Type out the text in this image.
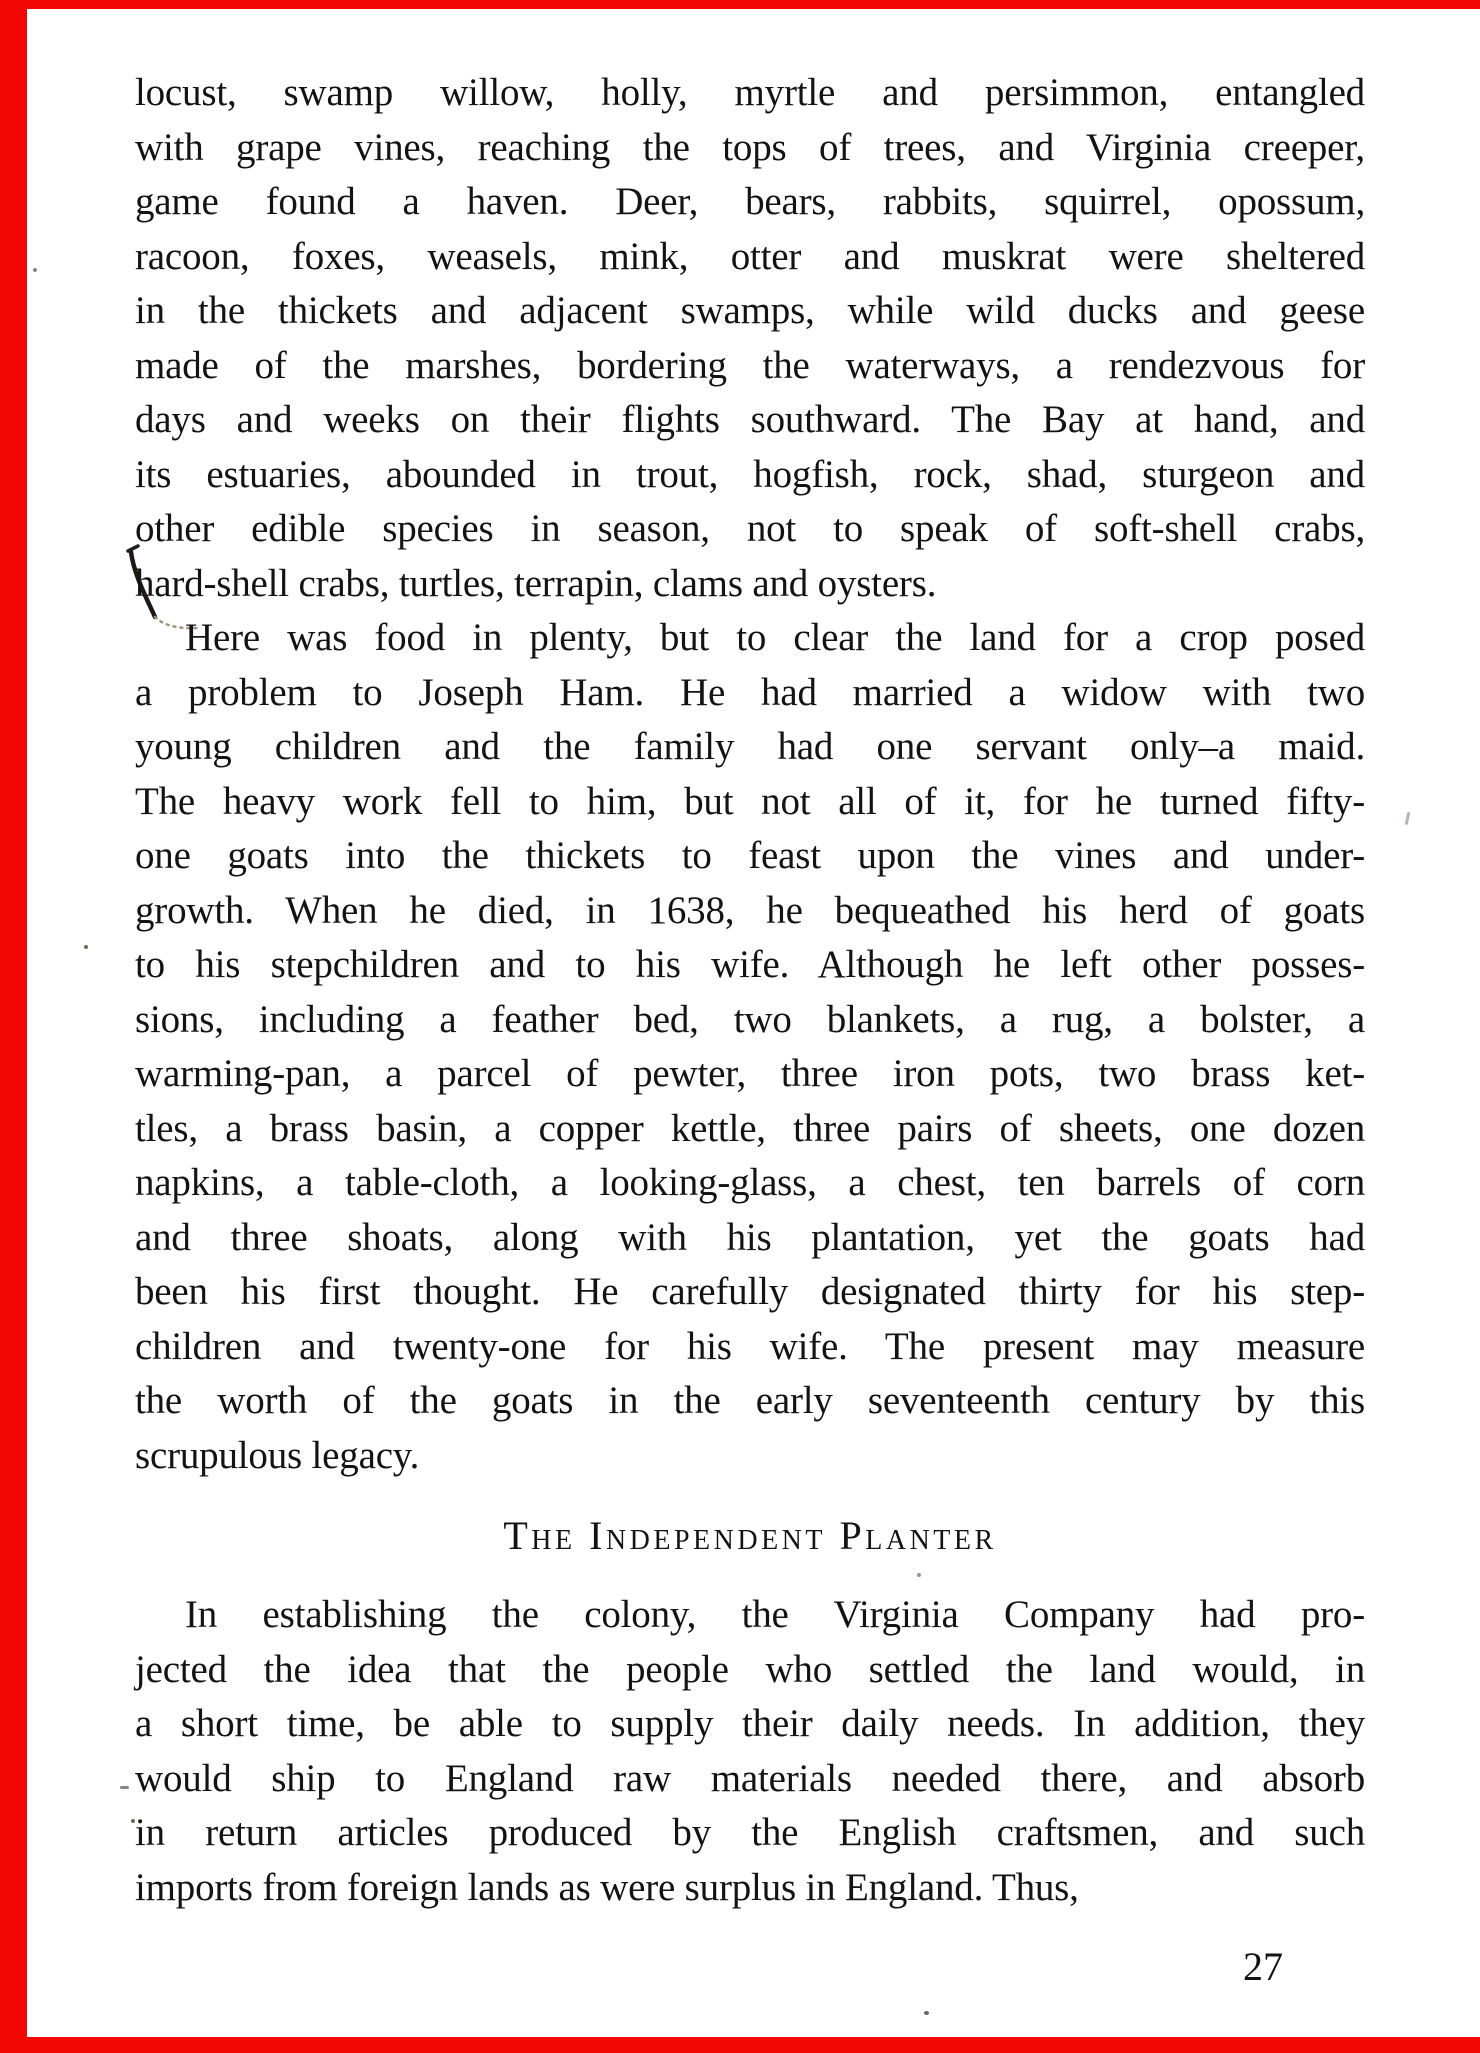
locust, swamp willow, holly, myrtle and persimmon, entangled
with grape vines, reaching the tops of trees, and Virginia creeper,
game found a haven. Deer, bears, rabbits, squirrel, opossum,
racoon, foxes, weasels, mink, otter and muskrat were sheltered
in the thickets and adjacent swamps, while wild ducks and geese
made of the marshes, bordering the waterways, a rendezvous for
days and weeks on their flights southward. The Bay at hand, and
its estuaries, abounded in trout, hogfish, rock, shad, sturgeon and
other edible species in season, not to speak of soft-shell crabs,
hard-shell crabs, turtles, terrapin, clams and oysters.
Here was food in plenty, but to clear the land for a crop posed
a problem to Joseph Ham. He had married a widow with two
young children and the family had one servant only–a maid.
The heavy work fell to him, but not all of it, for he turned fifty-
one goats into the thickets to feast upon the vines and under-
growth. When he died, in 1638, he bequeathed his herd of goats
to his stepchildren and to his wife. Although he left other posses-
sions, including a feather bed, two blankets, a rug, a bolster, a
warming-pan, a parcel of pewter, three iron pots, two brass ket-
tles, a brass basin, a copper kettle, three pairs of sheets, one dozen
napkins, a table-cloth, a looking-glass, a chest, ten barrels of corn
and three shoats, along with his plantation, yet the goats had
been his first thought. He carefully designated thirty for his step-
children and twenty-one for his wife. The present may measure
the worth of the goats in the early seventeenth century by this
scrupulous legacy.
The Independent Planter
In establishing the colony, the Virginia Company had pro-
jected the idea that the people who settled the land would, in
a short time, be able to supply their daily needs. In addition, they
would ship to England raw materials needed there, and absorb
in return articles produced by the English craftsmen, and such
imports from foreign lands as were surplus in England. Thus,
27
